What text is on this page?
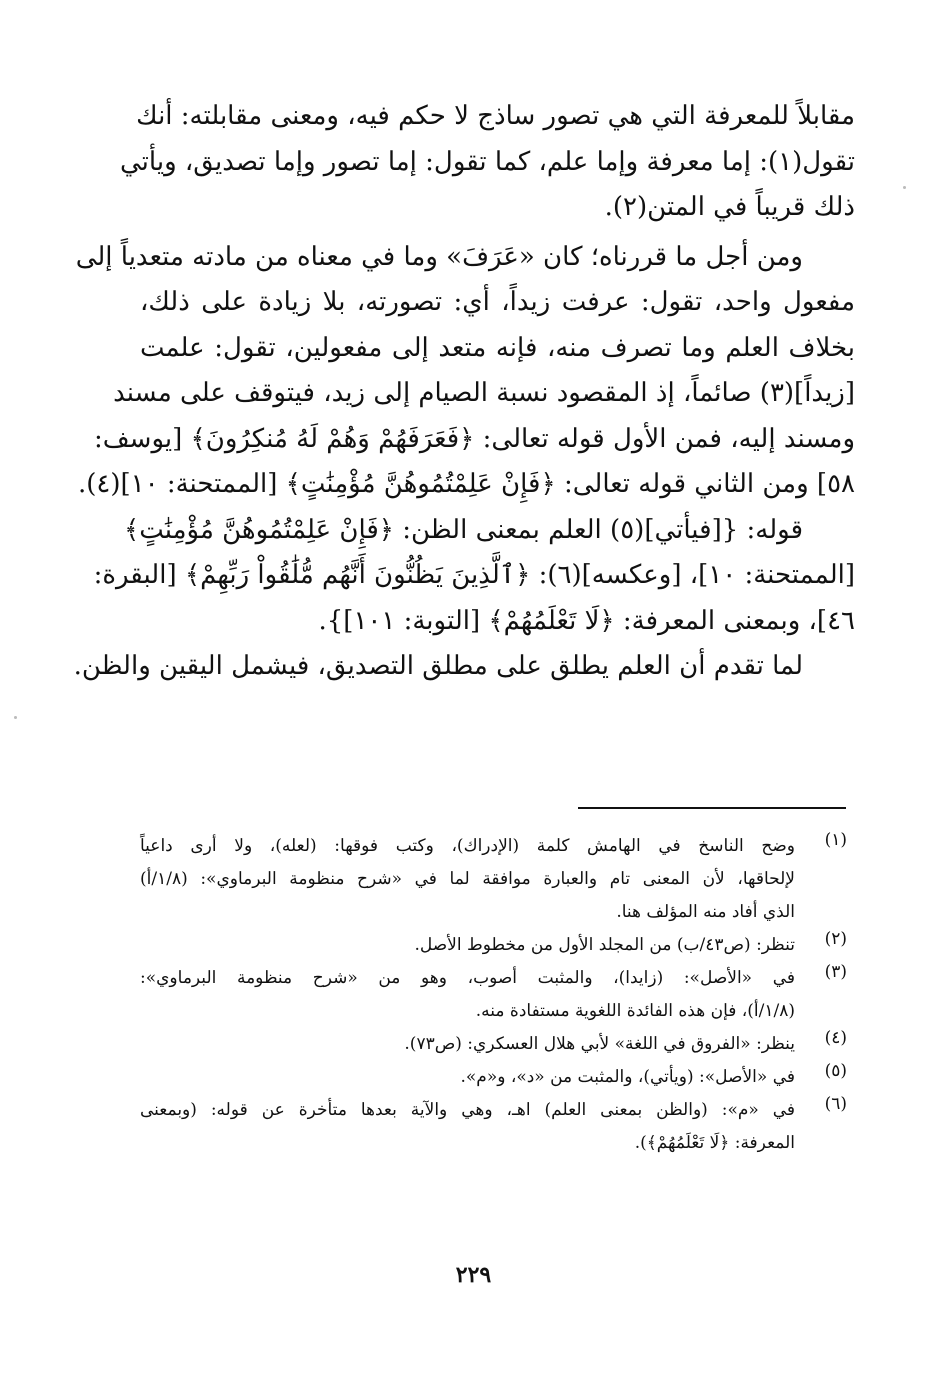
مقابلاً للمعرفة التي هي تصور ساذج لا حكم فيه، ومعنى مقابلته: أنك
تقول(١): إما معرفة وإما علم، كما تقول: إما تصور وإما تصديق، ويأتي
ذلك قريباً في المتن(٢).
ومن أجل ما قررناه؛ كان «عَرَفَ» وما في معناه من مادته متعدياً إلى
مفعول واحد، تقول: عرفت زيداً، أي: تصورته، بلا زيادة على ذلك،
بخلاف العلم وما تصرف منه، فإنه متعد إلى مفعولين، تقول: علمت
[زيداً](٣) صائماً، إذ المقصود نسبة الصيام إلى زيد، فيتوقف على مسند
ومسند إليه، فمن الأول قوله تعالى: ﴿فَعَرَفَهُمْ وَهُمْ لَهُ مُنكِرُونَ﴾ [يوسف:
٥٨] ومن الثاني قوله تعالى: ﴿فَإِنْ عَلِمْتُمُوهُنَّ مُؤْمِنَٰتٍ﴾ [الممتحنة: ١٠](٤).
قوله: {[فيأتي](٥) العلم بمعنى الظن: ﴿فَإِنْ عَلِمْتُمُوهُنَّ مُؤْمِنَٰتٍ﴾
[الممتحنة: ١٠]، [وعكسه](٦): ﴿ٱلَّذِينَ يَظُنُّونَ أَنَّهُم مُّلَٰقُواْ رَبِّهِمْ﴾ [البقرة:
٤٦]، وبمعنى المعرفة: ﴿لَا تَعْلَمُهُمْ﴾ [التوبة: ١٠١]}.
لما تقدم أن العلم يطلق على مطلق التصديق، فيشمل اليقين والظن.
(١)
وضح الناسخ في الهامش كلمة (الإدراك)، وكتب فوقها: (لعله)، ولا أرى داعياً
لإلحاقها، لأن المعنى تام والعبارة موافقة لما في «شرح منظومة البرماوي»: (١/٨/أ)
الذي أفاد منه المؤلف هنا.
(٢)
تنظر: (ص٤٣/ب) من المجلد الأول من مخطوط الأصل.
(٣)
في «الأصل»: (زايدا)، والمثبت أصوب، وهو من «شرح منظومة البرماوي»:
(١/٨/أ)، فإن هذه الفائدة اللغوية مستفادة منه.
(٤)
ينظر: «الفروق في اللغة» لأبي هلال العسكري: (ص٧٣).
(٥)
في «الأصل»: (ويأتي)، والمثبت من «د»، و«م».
(٦)
في «م»: (والظن بمعنى العلم) اهـ، وهي والآية بعدها متأخرة عن قوله: (وبمعنى
المعرفة: ﴿لَا تَعْلَمُهُمْ﴾).
٢٢٩
